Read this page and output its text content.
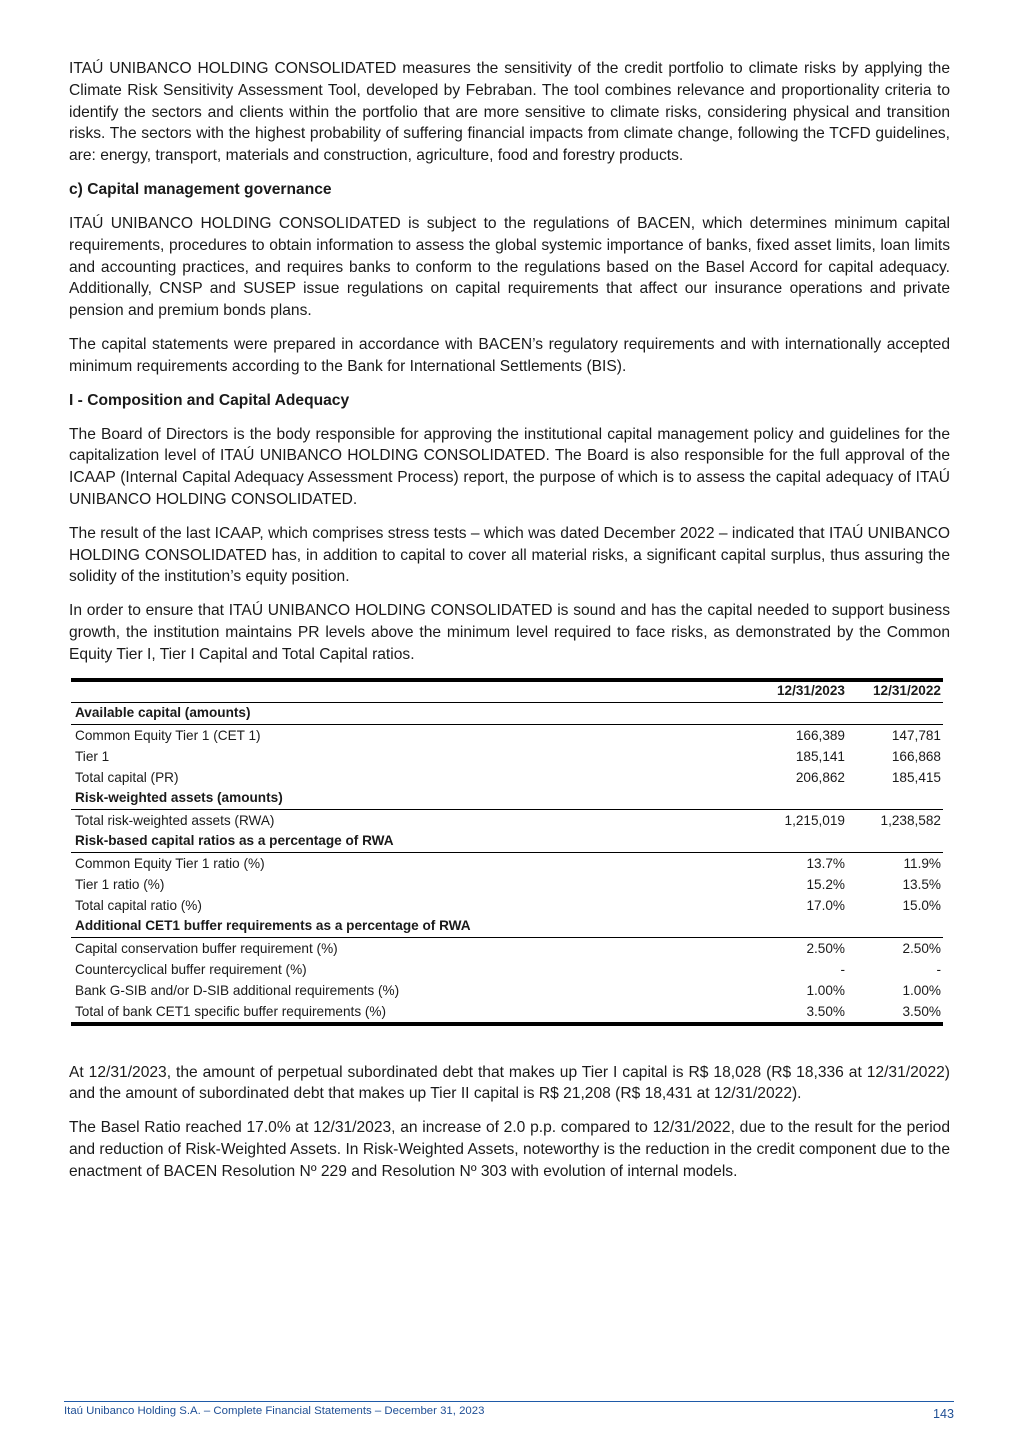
ITAÚ UNIBANCO HOLDING CONSOLIDATED measures the sensitivity of the credit portfolio to climate risks by applying the Climate Risk Sensitivity Assessment Tool, developed by Febraban. The tool combines relevance and proportionality criteria to identify the sectors and clients within the portfolio that are more sensitive to climate risks, considering physical and transition risks. The sectors with the highest probability of suffering financial impacts from climate change, following the TCFD guidelines, are: energy, transport, materials and construction, agriculture, food and forestry products.

c) Capital management governance

ITAÚ UNIBANCO HOLDING CONSOLIDATED is subject to the regulations of BACEN, which determines minimum capital requirements, procedures to obtain information to assess the global systemic importance of banks, fixed asset limits, loan limits and accounting practices, and requires banks to conform to the regulations based on the Basel Accord for capital adequacy. Additionally, CNSP and SUSEP issue regulations on capital requirements that affect our insurance operations and private pension and premium bonds plans.

The capital statements were prepared in accordance with BACEN’s regulatory requirements and with internationally accepted minimum requirements according to the Bank for International Settlements (BIS).

I - Composition and Capital Adequacy

The Board of Directors is the body responsible for approving the institutional capital management policy and guidelines for the capitalization level of ITAÚ UNIBANCO HOLDING CONSOLIDATED. The Board is also responsible for the full approval of the ICAAP (Internal Capital Adequacy Assessment Process) report, the purpose of which is to assess the capital adequacy of ITAÚ UNIBANCO HOLDING CONSOLIDATED.

The result of the last ICAAP, which comprises stress tests – which was dated December 2022 – indicated that ITAÚ UNIBANCO HOLDING CONSOLIDATED has, in addition to capital to cover all material risks, a significant capital surplus, thus assuring the solidity of the institution’s equity position.

In order to ensure that ITAÚ UNIBANCO HOLDING CONSOLIDATED is sound and has the capital needed to support business growth, the institution maintains PR levels above the minimum level required to face risks, as demonstrated by the Common Equity Tier I, Tier I Capital and Total Capital ratios.

	12/31/2023	12/31/2022
Available capital (amounts)		
Common Equity Tier 1 (CET 1)	166,389	147,781
Tier 1	185,141	166,868
Total capital (PR)	206,862	185,415
Risk-weighted assets (amounts)		
Total risk-weighted assets (RWA)	1,215,019	1,238,582
Risk-based capital ratios as a percentage of RWA		
Common Equity Tier 1 ratio (%)	13.7%	11.9%
Tier 1 ratio (%)	15.2%	13.5%
Total capital ratio (%)	17.0%	15.0%
Additional CET1 buffer requirements as a percentage of RWA		
Capital conservation buffer requirement (%)	2.50%	2.50%
Countercyclical buffer requirement (%)	-	-
Bank G-SIB and/or D-SIB additional requirements (%)	1.00%	1.00%
Total of bank CET1 specific buffer requirements (%)	3.50%	3.50%

At 12/31/2023, the amount of perpetual subordinated debt that makes up Tier I capital is R$ 18,028 (R$ 18,336 at 12/31/2022) and the amount of subordinated debt that makes up Tier II capital is R$ 21,208 (R$ 18,431 at 12/31/2022).

The Basel Ratio reached 17.0% at 12/31/2023, an increase of 2.0 p.p. compared to 12/31/2022, due to the result for the period and reduction of Risk-Weighted Assets. In Risk-Weighted Assets, noteworthy is the reduction in the credit component due to the enactment of BACEN Resolution Nº 229 and Resolution Nº 303 with evolution of internal models.

Itaú Unibanco Holding S.A. – Complete Financial Statements – December 31, 2023	143
